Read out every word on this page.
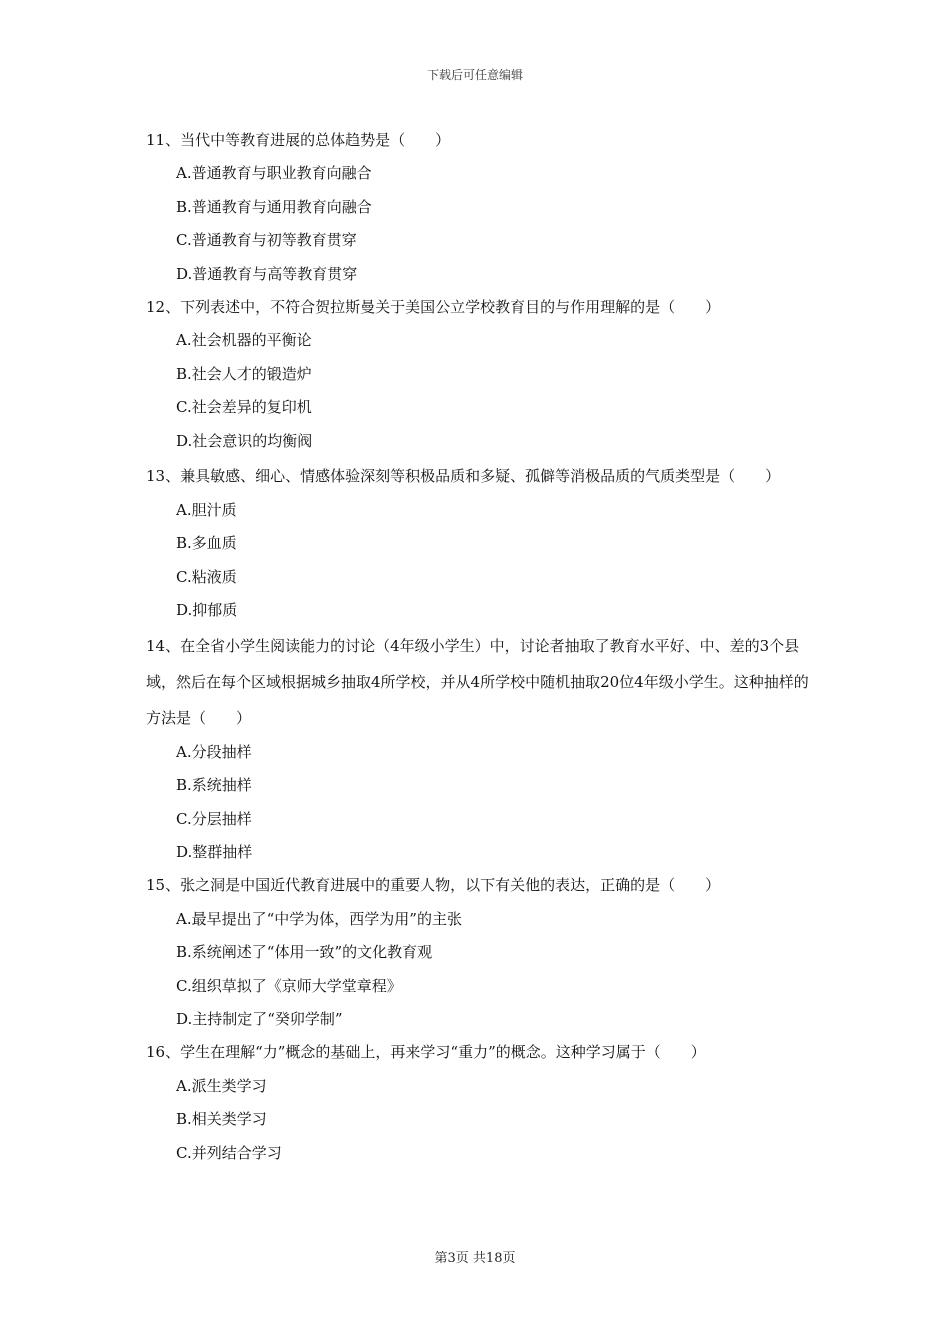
下载后可任意编辑

11、当代中等教育进展的总体趋势是（　　）

A.普通教育与职业教育向融合

B.普通教育与通用教育向融合

C.普通教育与初等教育贯穿

D.普通教育与高等教育贯穿

12、下列表述中，不符合贺拉斯曼关于美国公立学校教育目的与作用理解的是（　　）

A.社会机器的平衡论

B.社会人才的锻造炉

C.社会差异的复印机

D.社会意识的均衡阀

13、兼具敏感、细心、情感体验深刻等积极品质和多疑、孤僻等消极品质的气质类型是（　　）

A.胆汁质

B.多血质

C.粘液质

D.抑郁质

14、在全省小学生阅读能力的讨论（4年级小学生）中，讨论者抽取了教育水平好、中、差的3个县域，然后在每个区域根据城乡抽取4所学校，并从4所学校中随机抽取20位4年级小学生。这种抽样的方法是（　　）

A.分段抽样

B.系统抽样

C.分层抽样

D.整群抽样

15、张之洞是中国近代教育进展中的重要人物，以下有关他的表达，正确的是（　　）

A.最早提出了“中学为体，西学为用”的主张

B.系统阐述了“体用一致”的文化教育观

C.组织草拟了《京师大学堂章程》

D.主持制定了“癸卯学制”

16、学生在理解“力”概念的基础上，再来学习“重力”的概念。这种学习属于（　　）

A.派生类学习

B.相关类学习

C.并列结合学习

第3页 共18页
